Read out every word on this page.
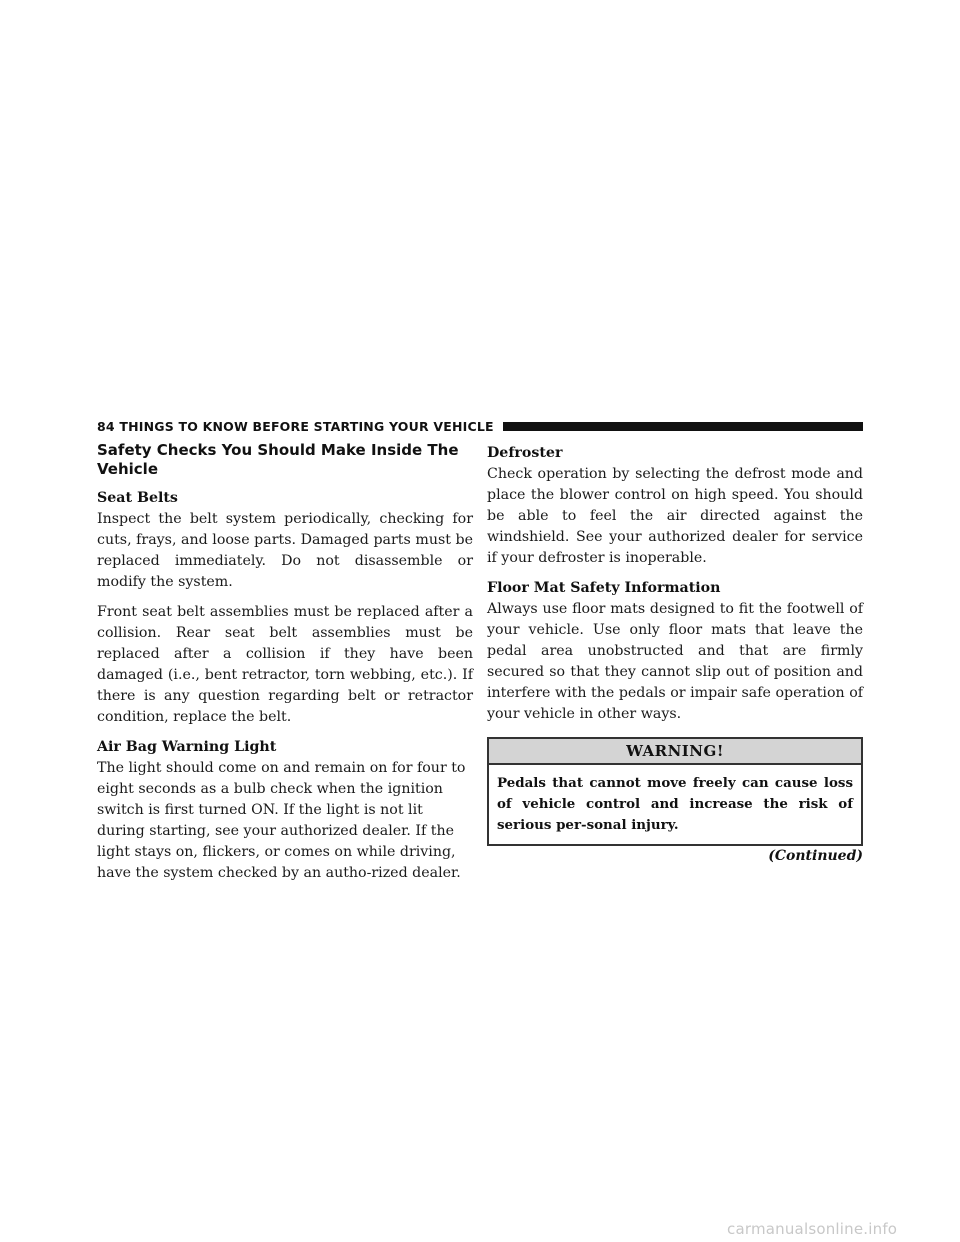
84 THINGS TO KNOW BEFORE STARTING YOUR VEHICLE
Safety Checks You Should Make Inside The Vehicle
Seat Belts

Inspect the belt system periodically, checking for cuts, frays, and loose parts. Damaged parts must be replaced immediately. Do not disassemble or modify the system.

Front seat belt assemblies must be replaced after a collision. Rear seat belt assemblies must be replaced after a collision if they have been damaged (i.e., bent retractor, torn webbing, etc.). If there is any question regarding belt or retractor condition, replace the belt.

Air Bag Warning Light

The light should come on and remain on for four to eight seconds as a bulb check when the ignition switch is first turned ON. If the light is not lit during starting, see your authorized dealer. If the light stays on, flickers, or comes on while driving, have the system checked by an autho-rized dealer.

Defroster

Check operation by selecting the defrost mode and place the blower control on high speed. You should be able to feel the air directed against the windshield. See your authorized dealer for service if your defroster is inoperable.

Floor Mat Safety Information

Always use floor mats designed to fit the footwell of your vehicle. Use only floor mats that leave the pedal area unobstructed and that are firmly secured so that they cannot slip out of position and interfere with the pedals or impair safe operation of your vehicle in other ways.

WARNING!
Pedals that cannot move freely can cause loss of vehicle control and increase the risk of serious per-sonal injury.
(Continued)
carmanualsonline.info
